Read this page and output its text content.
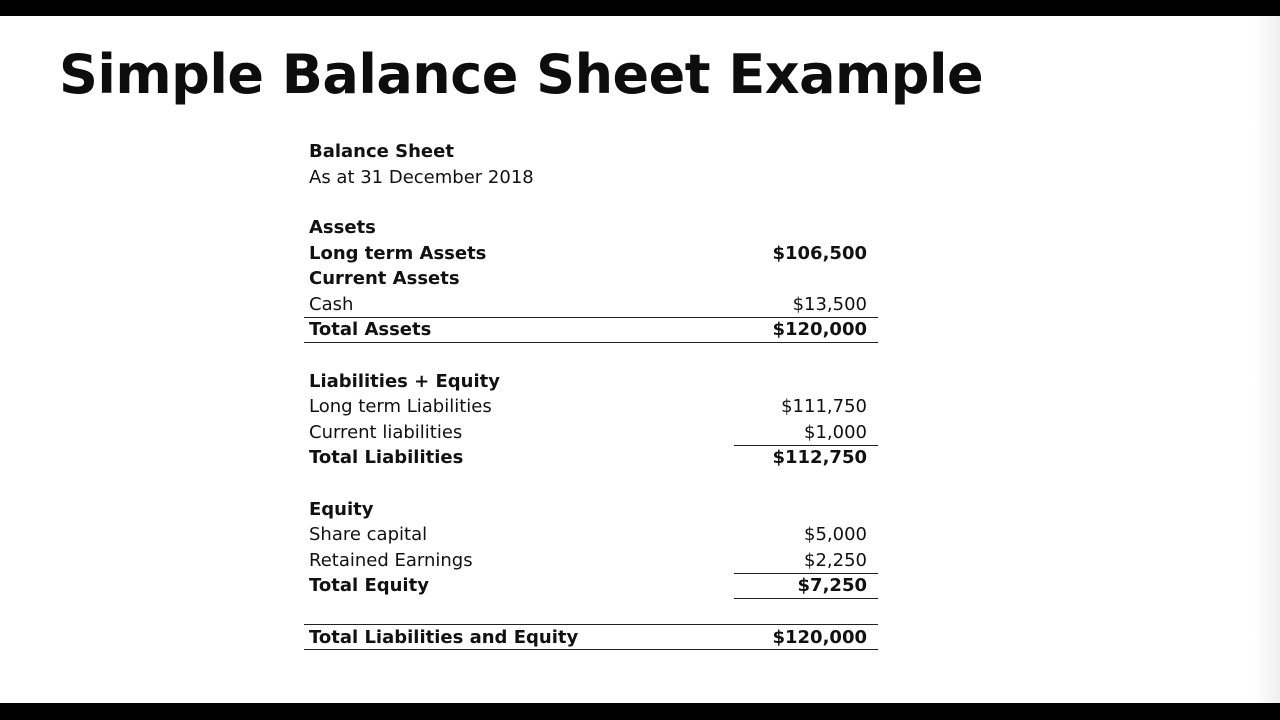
Simple Balance Sheet Example
Balance Sheet
As at 31 December 2018
Assets
Long term Assets	$106,500
Current Assets
Cash	$13,500
Total Assets	$120,000
Liabilities + Equity
Long term Liabilities	$111,750
Current liabilities	$1,000
Total Liabilities	$112,750
Equity
Share capital	$5,000
Retained Earnings	$2,250
Total Equity	$7,250
Total Liabilities and Equity	$120,000
